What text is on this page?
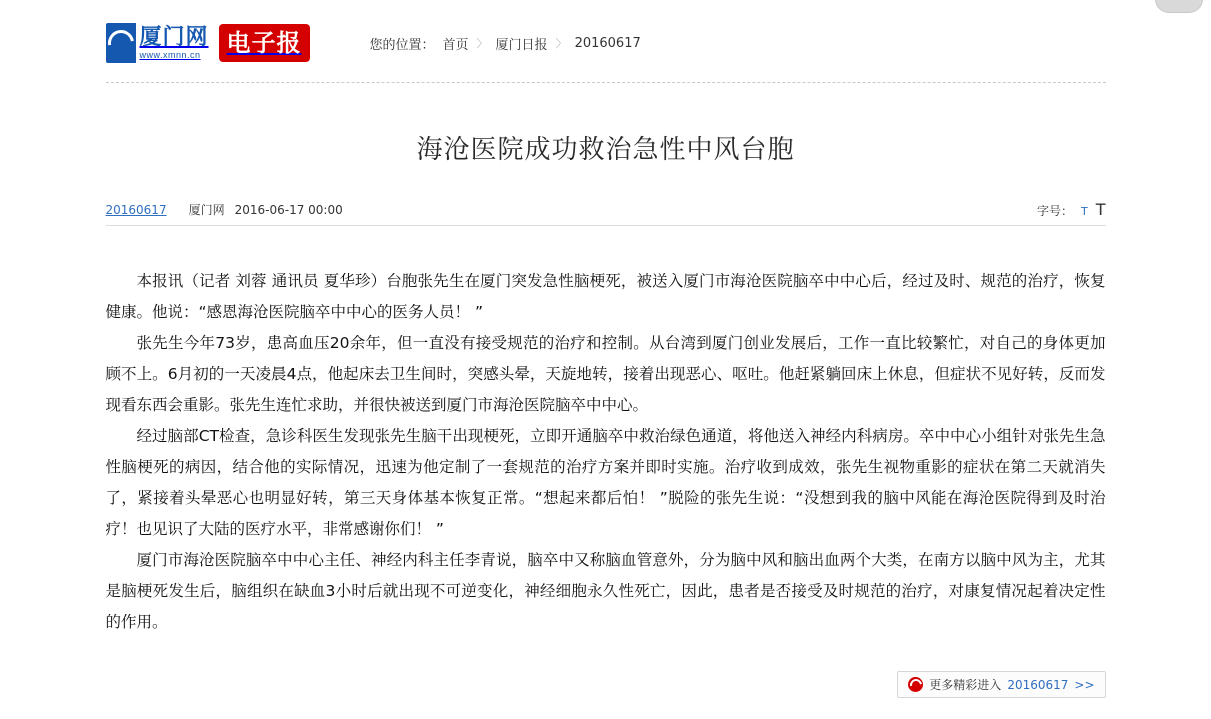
厦门网
www.xmnn.cn	电子报	您的位置： 首页 〉 厦门日报 〉 20160617
海沧医院成功救治急性中风台胞
20160617 厦门网 2016-06-17 00:00	字号： T T

本报讯（记者 刘蓉 通讯员 夏华珍）台胞张先生在厦门突发急性脑梗死，被送入厦门市海沧医院脑卒中中心后，经过及时、规范的治疗，恢复健康。他说：“感恩海沧医院脑卒中中心的医务人员！ ”

张先生今年73岁，患高血压20余年，但一直没有接受规范的治疗和控制。从台湾到厦门创业发展后，工作一直比较繁忙，对自己的身体更加顾不上。6月初的一天凌晨4点，他起床去卫生间时，突感头晕，天旋地转，接着出现恶心、呕吐。他赶紧躺回床上休息，但症状不见好转，反而发现看东西会重影。张先生连忙求助，并很快被送到厦门市海沧医院脑卒中中心。

经过脑部CT检查，急诊科医生发现张先生脑干出现梗死，立即开通脑卒中救治绿色通道，将他送入神经内科病房。卒中中心小组针对张先生急性脑梗死的病因，结合他的实际情况，迅速为他定制了一套规范的治疗方案并即时实施。治疗收到成效，张先生视物重影的症状在第二天就消失了，紧接着头晕恶心也明显好转，第三天身体基本恢复正常。“想起来都后怕！ ”脱险的张先生说：“没想到我的脑中风能在海沧医院得到及时治疗！也见识了大陆的医疗水平，非常感谢你们！ ”

厦门市海沧医院脑卒中中心主任、神经内科主任李青说，脑卒中又称脑血管意外，分为脑中风和脑出血两个大类，在南方以脑中风为主，尤其是脑梗死发生后，脑组织在缺血3小时后就出现不可逆变化，神经细胞永久性死亡，因此，患者是否接受及时规范的治疗，对康复情况起着决定性的作用。

更多精彩进入 20160617 >>
